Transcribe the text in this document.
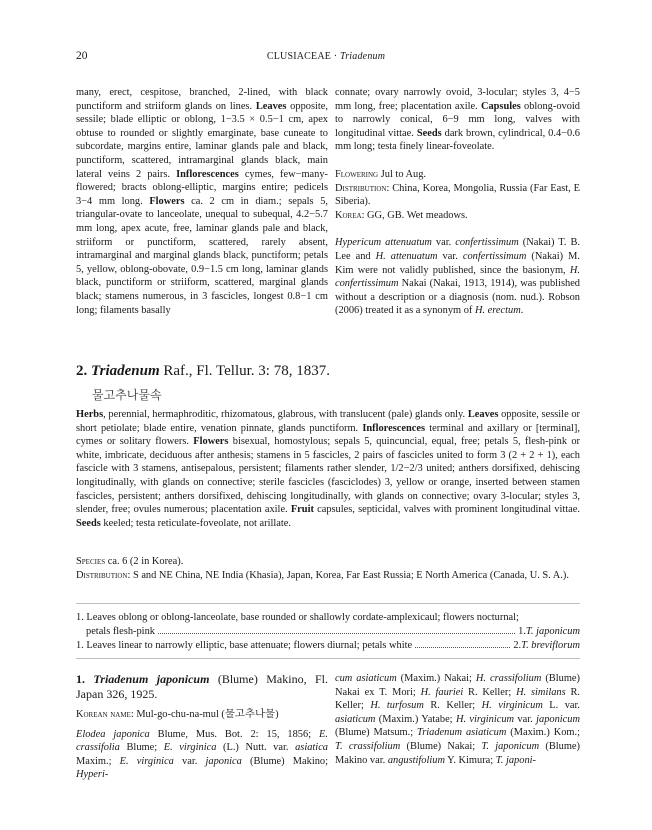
20	CLUSIACEAE · Triadenum

many, erect, cespitose, branched, 2-lined, with black punctiform and striiform glands on lines. Leaves opposite, sessile; blade elliptic or oblong, 1−3.5 × 0.5−1 cm, apex obtuse to rounded or slightly emarginate, base cuneate to subcordate, margins entire, laminar glands pale and black, punctiform, scattered, intramarginal glands black, main lateral veins 2 pairs. Inflorescences cymes, few−many-flowered; bracts oblong-elliptic, margins entire; pedicels 3−4 mm long. Flowers ca. 2 cm in diam.; sepals 5, triangular-ovate to lanceolate, unequal to subequal, 4.2−5.7 mm long, apex acute, free, laminar glands pale and black, striiform or punctiform, scattered, rarely absent, intramarginal and marginal glands black, punctiform; petals 5, yellow, oblong-obovate, 0.9−1.5 cm long, laminar glands black, punctiform or striiform, scattered, marginal glands black; stamens numerous, in 3 fascicles, longest 0.8−1 cm long; filaments basally

connate; ovary narrowly ovoid, 3-locular; styles 3, 4−5 mm long, free; placentation axile. Capsules oblong-ovoid to narrowly conical, 6−9 mm long, valves with longitudinal vittae. Seeds dark brown, cylindrical, 0.4−0.6 mm long; testa finely linear-foveolate.

Flowering Jul to Aug.

Distribution: China, Korea, Mongolia, Russia (Far East, E Siberia).

Korea: GG, GB. Wet meadows.

Hypericum attenuatum var. confertissimum (Nakai) T. B. Lee and H. attenuatum var. confertissimum (Nakai) M. Kim were not validly published, since the basionym, H. confertissimum Nakai (Nakai, 1913, 1914), was published without a description or a diagnosis (nom. nud.). Robson (2006) treated it as a synonym of H. erectum.

2. Triadenum Raf., Fl. Tellur. 3: 78, 1837.
물고추나물속
Herbs, perennial, hermaphroditic, rhizomatous, glabrous, with translucent (pale) glands only. Leaves opposite, sessile or short petiolate; blade entire, venation pinnate, glands punctiform. Inflorescences terminal and axillary or [terminal], cymes or solitary flowers. Flowers bisexual, homostylous; sepals 5, quincuncial, equal, free; petals 5, flesh-pink or white, imbricate, deciduous after anthesis; stamens in 5 fascicles, 2 pairs of fascicles united to form 3 (2 + 2 + 1), each fascicle with 3 stamens, antisepalous, persistent; filaments rather slender, 1/2−2/3 united; anthers dorsifixed, dehiscing longitudinally, with glands on connective; sterile fascicles (fasciclodes) 3, yellow or orange, inserted between stamen fascicles, persistent; anthers dorsifixed, dehiscing longitudinally, with glands on connective; ovary 3-locular; styles 3, slender, free; ovules numerous; placentation axile. Fruit capsules, septicidal, valves with prominent longitudinal vittae. Seeds keeled; testa reticulate-foveolate, not arillate.
Species ca. 6 (2 in Korea).
Distribution: S and NE China, NE India (Khasia), Japan, Korea, Far East Russia; E North America (Canada, U. S. A.).
1. Leaves oblong or oblong-lanceolate, base rounded or shallowly cordate-amplexicaul; flowers nocturnal;
petals flesh-pink	1. T. japonicum
1. Leaves linear to narrowly elliptic, base attenuate; flowers diurnal; petals white	2. T. breviflorum

1. Triadenum japonicum (Blume) Makino, Fl. Japan 326, 1925.

Korean name: Mul-go-chu-na-mul (물고추나물)

Elodea japonica Blume, Mus. Bot. 2: 15, 1856; E. crassifolia Blume; E. virginica (L.) Nutt. var. asiatica Maxim.; E. virginica var. japonica (Blume) Makino; Hyperi-

cum asiaticum (Maxim.) Nakai; H. crassifolium (Blume) Nakai ex T. Mori; H. fauriei R. Keller; H. similans R. Keller; H. turfosum R. Keller; H. virginicum L. var. asiaticum (Maxim.) Yatabe; H. virginicum var. japonicum (Blume) Matsum.; Triadenum asiaticum (Maxim.) Kom.; T. crassifolium (Blume) Nakai; T. japonicum (Blume) Makino var. angustifolium Y. Kimura; T. japoni-
